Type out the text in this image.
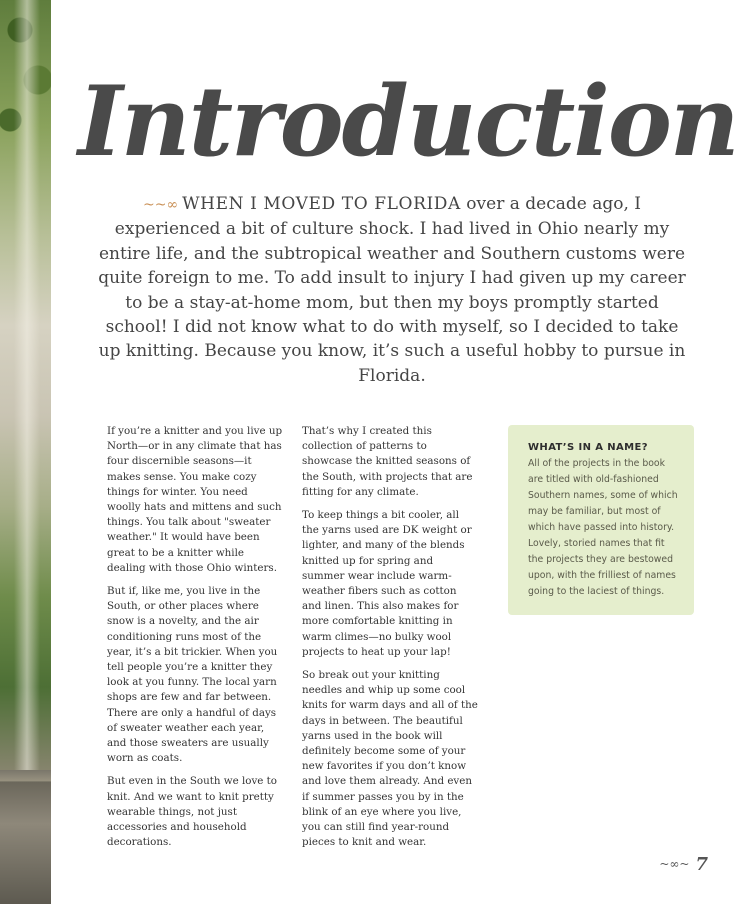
Introduction
~~∞ WHEN I MOVED TO FLORIDA over a decade ago, I experienced a bit of culture shock. I had lived in Ohio nearly my entire life, and the subtropical weather and Southern customs were quite foreign to me. To add insult to injury I had given up my career to be a stay-at-home mom, but then my boys promptly started school! I did not know what to do with myself, so I decided to take up knitting. Because you know, it’s such a useful hobby to pursue in Florida.

If you’re a knitter and you live up North—or in any climate that has four discernible seasons—it makes sense. You make cozy things for winter. You need woolly hats and mittens and such things. You talk about "sweater weather." It would have been great to be a knitter while dealing with those Ohio winters.

But if, like me, you live in the South, or other places where snow is a novelty, and the air conditioning runs most of the year, it’s a bit trickier. When you tell people you’re a knitter they look at you funny. The local yarn shops are few and far between. There are only a handful of days of sweater weather each year, and those sweaters are usually worn as coats.

But even in the South we love to knit. And we want to knit pretty wearable things, not just accessories and household decorations.

That’s why I created this collection of patterns to showcase the knitted seasons of the South, with projects that are fitting for any climate.

To keep things a bit cooler, all the yarns used are DK weight or lighter, and many of the blends knitted up for spring and summer wear include warm-weather fibers such as cotton and linen. This also makes for more comfortable knitting in warm climes—no bulky wool projects to heat up your lap!

So break out your knitting needles and whip up some cool knits for warm days and all of the days in between. The beautiful yarns used in the book will definitely become some of your new favorites if you don’t know and love them already. And even if summer passes you by in the blink of an eye where you live, you can still find year-round pieces to knit and wear.

WHAT’S IN A NAME?

All of the projects in the book are titled with old-fashioned Southern names, some of which may be familiar, but most of which have passed into history. Lovely, storied names that fit the projects they are bestowed upon, with the frilliest of names going to the laciest of things.

~∞~ 7
